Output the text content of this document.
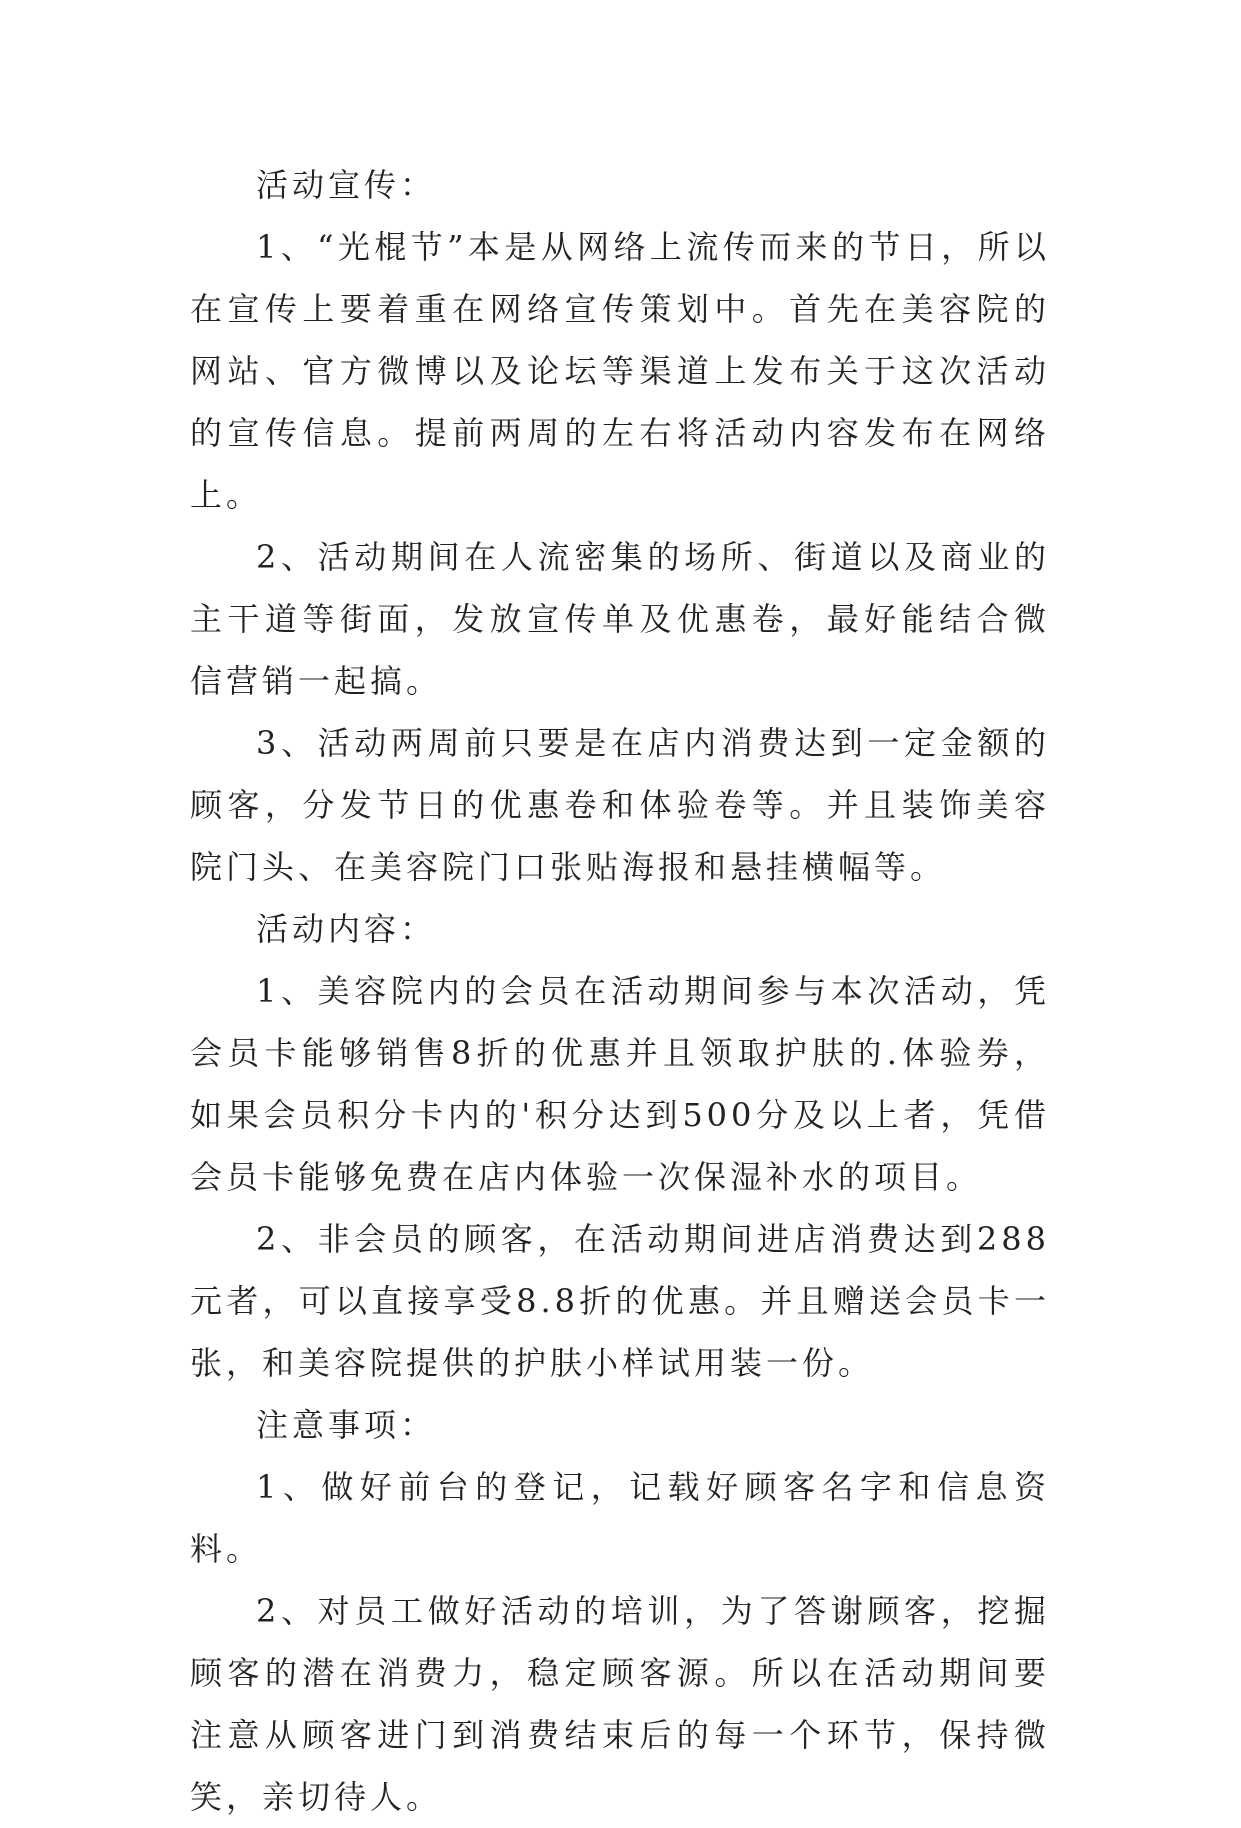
活动宣传：

1、“光棍节”本是从网络上流传而来的节日，所以在宣传上要着重在网络宣传策划中。首先在美容院的网站、官方微博以及论坛等渠道上发布关于这次活动的宣传信息。提前两周的左右将活动内容发布在网络上。

2、活动期间在人流密集的场所、街道以及商业的主干道等街面，发放宣传单及优惠卷，最好能结合微信营销一起搞。

3、活动两周前只要是在店内消费达到一定金额的顾客，分发节日的优惠卷和体验卷等。并且装饰美容院门头、在美容院门口张贴海报和悬挂横幅等。

活动内容：

1、美容院内的会员在活动期间参与本次活动，凭会员卡能够销售8折的优惠并且领取护肤的.体验券，如果会员积分卡内的'积分达到500分及以上者，凭借会员卡能够免费在店内体验一次保湿补水的项目。

2、非会员的顾客，在活动期间进店消费达到288元者，可以直接享受8.8折的优惠。并且赠送会员卡一张，和美容院提供的护肤小样试用装一份。

注意事项：

1、做好前台的登记，记载好顾客名字和信息资料。

2、对员工做好活动的培训，为了答谢顾客，挖掘顾客的潜在消费力，稳定顾客源。所以在活动期间要注意从顾客进门到消费结束后的每一个环节，保持微笑，亲切待人。
